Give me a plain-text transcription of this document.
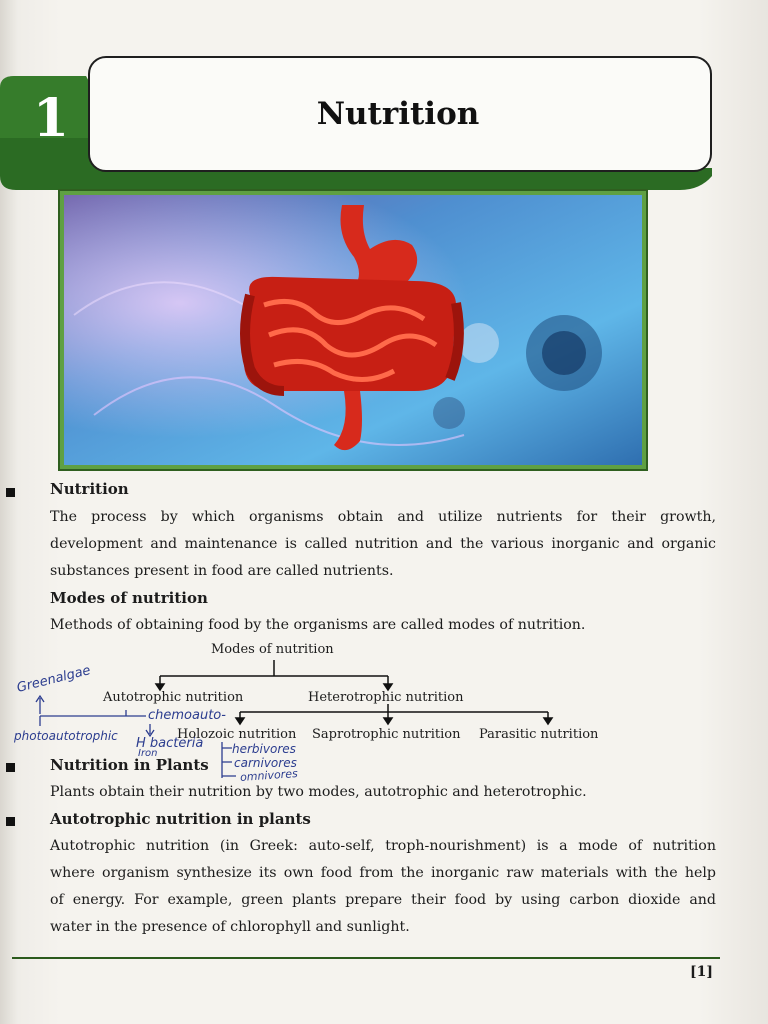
Nutrition
1
Nutrition
The process by which organisms obtain and utilize nutrients for their growth,
development and maintenance is called nutrition and the various inorganic and organic
substances present in food are called nutrients.
Modes of nutrition
Methods of obtaining food by the organisms are called modes of nutrition.
Modes of nutrition
Autotrophic nutrition	Heterotrophic nutrition
Holozoic nutrition Saprotrophic nutrition Parasitic nutrition
Greenalgae
photoautotrophic
chemoauto-
H bacteria
Iron	herbivores
carnivores
omnivores
Nutrition in Plants
Plants obtain their nutrition by two modes, autotrophic and heterotrophic.
Autotrophic nutrition in plants
Autotrophic nutrition (in Greek: auto-self, troph-nourishment) is a mode of nutrition
where organism synthesize its own food from the inorganic raw materials with the help
of energy. For example, green plants prepare their food by using carbon dioxide and
water in the presence of chlorophyll and sunlight.
[1]
